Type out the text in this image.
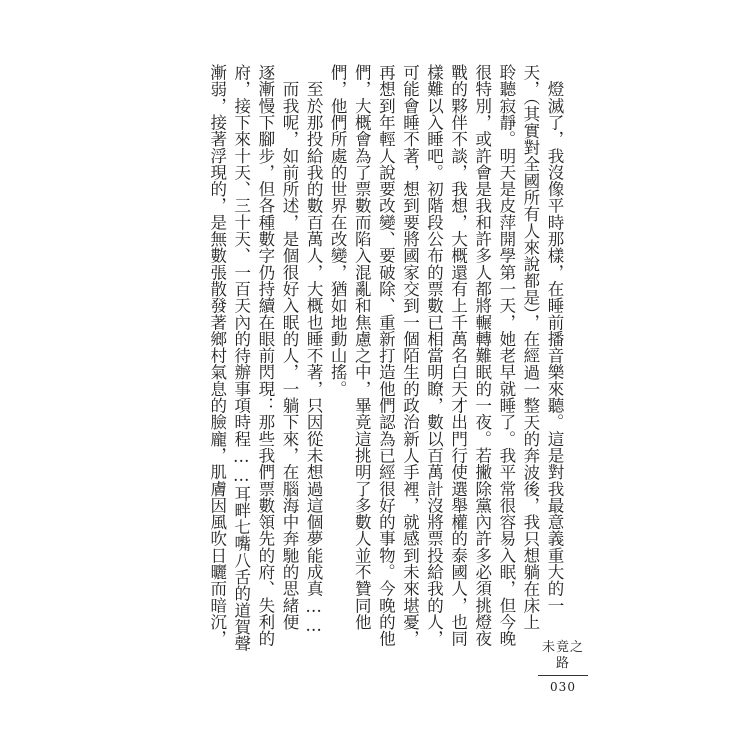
　燈滅了，我沒像平時那樣，在睡前播音樂來聽。這是對我最意義重大的一
天，（其實對全國所有人來說都是），在經過一整天的奔波後，我只想躺在床上
聆聽寂靜。明天是皮萍開學第一天，她老早就睡了。我平常很容易入眠，但今晚
很特別，或許會是我和許多人都將輾轉難眠的一夜。若撇除黨內許多必須挑燈夜
戰的夥伴不談，我想，大概還有上千萬名白天才出門行使選舉權的泰國人，也同
樣難以入睡吧。初階段公布的票數已相當明瞭，數以百萬計沒將票投給我的人，
可能會睡不著，想到要將國家交到一個陌生的政治新人手裡，就感到未來堪憂，
再想到年輕人說要改變、要破除、重新打造他們認為已經很好的事物。今晚的他
們，大概會為了票數而陷入混亂和焦慮之中，畢竟這挑明了多數人並不贊同他
們，他們所處的世界在改變，猶如地動山搖。
　至於那投給我的數百萬人，大概也睡不著，只因從未想過這個夢能成真……
　而我呢，如前所述，是個很好入眠的人，一躺下來，在腦海中奔馳的思緒便
逐漸慢下腳步，但各種數字仍持續在眼前閃現：那些我們票數領先的府、失利的
府，接下來十天、三十天、一百天內的待辦事項時程……耳畔七嘴八舌的道賀聲
漸弱，接著浮現的，是無數張散發著鄉村氣息的臉龐，肌膚因風吹日曬而暗沉，
未竟之路
030
